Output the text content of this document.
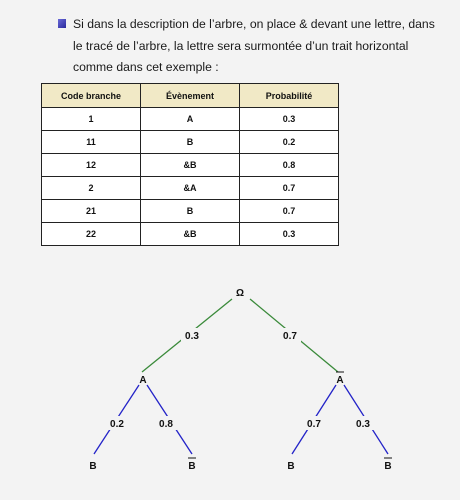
Si dans la description de l’arbre, on place & devant une lettre, dans
le tracé de l’arbre, la lettre sera surmontée d’un trait horizontal
comme dans cet exemple :
Code branche	Évènement	Probabilité
1	A	0.3
11	B	0.2
12	&B	0.8
2	&A	0.7
21	B	0.7
22	&B	0.3
Ω
0.3	0.7
A	A
0.2	0.8	0.7	0.3
B	B	B	B
